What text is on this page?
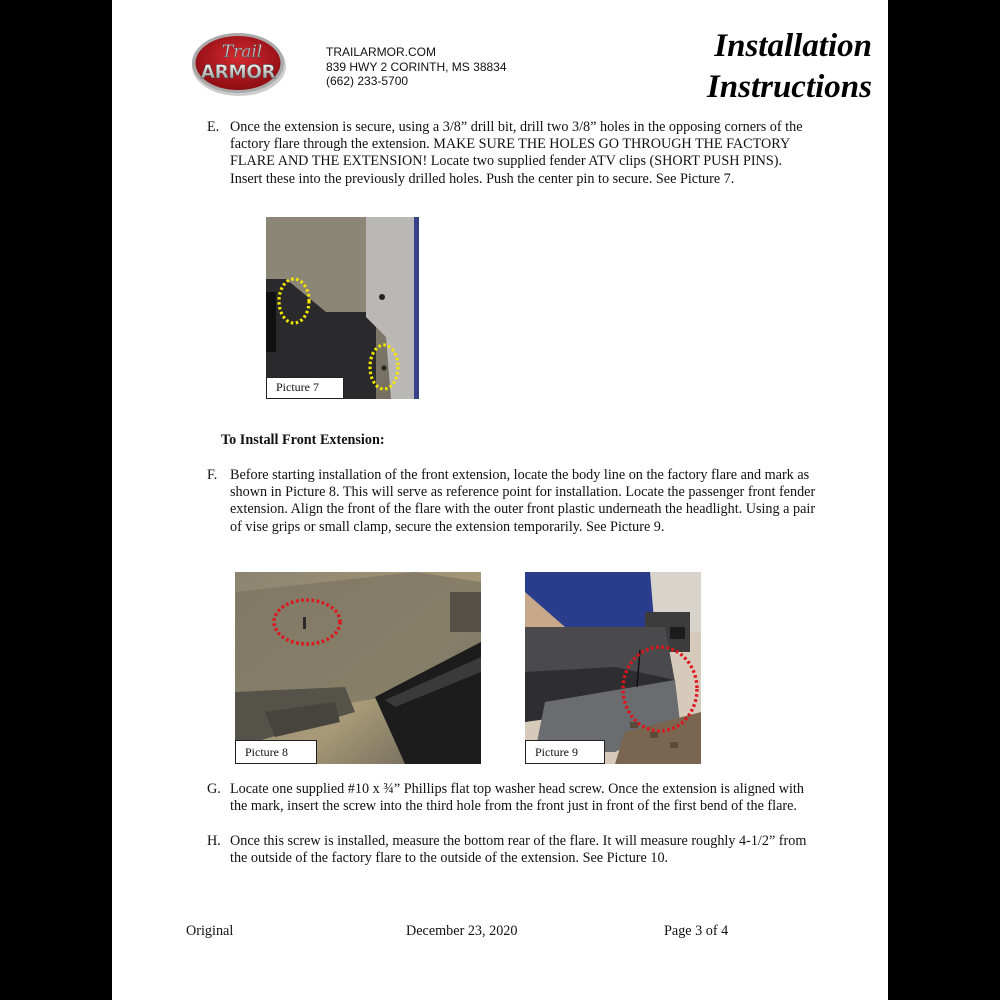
Trail
ARMOR
TRAILARMOR.COM
839 HWY 2 CORINTH, MS 38834
(662) 233-5700
Installation
Instructions
E. Once the extension is secure, using a 3/8” drill bit, drill two 3/8” holes in the opposing corners of the factory flare through the extension. MAKE SURE THE HOLES GO THROUGH THE FACTORY FLARE AND THE EXTENSION! Locate two supplied fender ATV clips (SHORT PUSH PINS). Insert these into the previously drilled holes. Push the center pin to secure. See Picture 7.
Picture 7
To Install Front Extension:
F. Before starting installation of the front extension, locate the body line on the factory flare and mark as shown in Picture 8. This will serve as reference point for installation. Locate the passenger front fender extension. Align the front of the flare with the outer front plastic underneath the headlight. Using a pair of vise grips or small clamp, secure the extension temporarily. See Picture 9.
Picture 8	Picture 9
G. Locate one supplied #10 x ¾” Phillips flat top washer head screw. Once the extension is aligned with the mark, insert the screw into the third hole from the front just in front of the first bend of the flare.
H. Once this screw is installed, measure the bottom rear of the flare. It will measure roughly 4-1/2” from the outside of the factory flare to the outside of the extension. See Picture 10.
Original	December 23, 2020	Page 3 of 4
